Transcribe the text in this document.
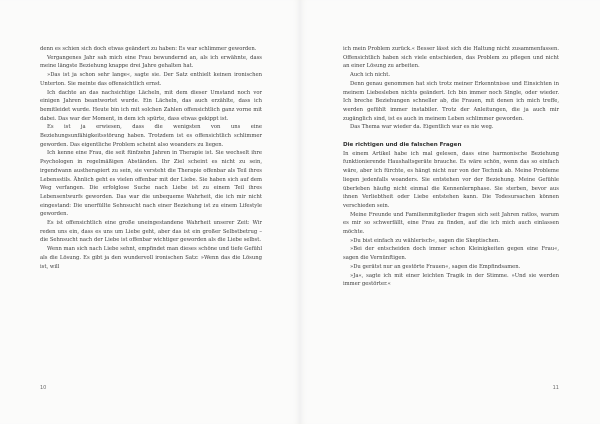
denn es schien sich doch etwas geändert zu haben: Es war schlimmer geworden.

Vergangenes Jahr sah mich eine Frau bewundernd an, als ich erwähnte, dass meine längste Beziehung knappe drei Jahre gehalten hat.

»Das ist ja schon sehr lange«, sagte sie. Der Satz enthielt keinen ironischen Unterton. Sie meinte das offensichtlich ernst.

Ich dachte an das nachsichtige Lächeln, mit dem dieser Umstand noch vor einigen Jahren beantwortet wurde. Ein Lächeln, das auch erzählte, dass ich bemitleidet wurde. Heute bin ich mit solchen Zahlen offensichtlich ganz vorne mit dabei. Das war der Moment, in dem ich spürte, dass etwas gekippt ist.

Es ist ja erwiesen, dass die wenigsten von uns eine Beziehungsunfähigkeitsstörung haben. Trotzdem ist es offensichtlich schlimmer geworden. Das eigentliche Problem scheint also woanders zu liegen.

Ich kenne eine Frau, die seit fünfzehn Jahren in Therapie ist. Sie wechselt ihre Psychologen in regelmäßigen Abständen. Ihr Ziel scheint es nicht zu sein, irgendwann austherapiert zu sein, sie versteht die Therapie offenbar als Teil ihres Lebensstils. Ähnlich geht es vielen offenbar mit der Liebe. Sie haben sich auf dem Weg verfangen. Die erfolglose Suche nach Liebe ist zu einem Teil ihres Lebensentwurfs geworden. Das war die unbequeme Wahrheit, die ich mir nicht eingestand: Die unerfüllte Sehnsucht nach einer Beziehung ist zu einem Lifestyle geworden.

Es ist offensichtlich eine große uneingestandene Wahrheit unserer Zeit: Wir reden uns ein, dass es uns um Liebe geht, aber das ist ein großer Selbstbetrug – die Sehnsucht nach der Liebe ist offenbar wichtiger geworden als die Liebe selbst.

Wenn man sich nach Liebe sehnt, empfindet man dieses schöne und tiefe Gefühl als die Lösung. Es gibt ja den wundervoll ironischen Satz: »Wenn das die Lösung ist, will

10

ich mein Problem zurück.« Besser lässt sich die Haltung nicht zusammenfassen. Offensichtlich haben sich viele entschieden, das Problem zu pflegen und nicht an einer Lösung zu arbeiten.

Auch ich nicht.

Denn genau genommen hat sich trotz meiner Erkenntnisse und Einsichten in meinem Liebesleben nichts geändert. Ich bin immer noch Single, oder wieder. Ich breche Beziehungen schneller ab, die Frauen, mit denen ich mich treffe, werden gefühlt immer instabiler. Trotz der Anleitungen, die ja auch mir zugänglich sind, ist es auch in meinem Leben schlimmer geworden.

Das Thema war wieder da. Eigentlich war es nie weg.

Die richtigen und die falschen Fragen

In einem Artikel habe ich mal gelesen, dass eine harmonische Beziehung funktionierende Haushaltsgeräte brauche. Es wäre schön, wenn das so einfach wäre, aber ich fürchte, es hängt nicht nur von der Technik ab. Meine Probleme liegen jedenfalls woanders. Sie entstehen vor der Beziehung. Meine Gefühle überleben häufig nicht einmal die Kennenlernphase. Sie sterben, bevor aus ihnen Verliebtheit oder Liebe entstehen kann. Die Todesursachen können verschieden sein.

Meine Freunde und Familienmitglieder fragen sich seit Jahren ratlos, warum es mir so schwerfällt, eine Frau zu finden, auf die ich mich auch einlassen möchte.

»Du bist einfach zu wählerisch«, sagen die Skeptischen.

»Bei der entscheiden doch immer schon Kleinigkeiten gegen eine Frau«, sagen die Vernünftigen.

»Du gerätst nur an gestörte Frauen«, sagen die Empfindsamen.

»Ja«, sagte ich mit einer leichten Tragik in der Stimme. »Und sie werden immer gestörter.«

11
